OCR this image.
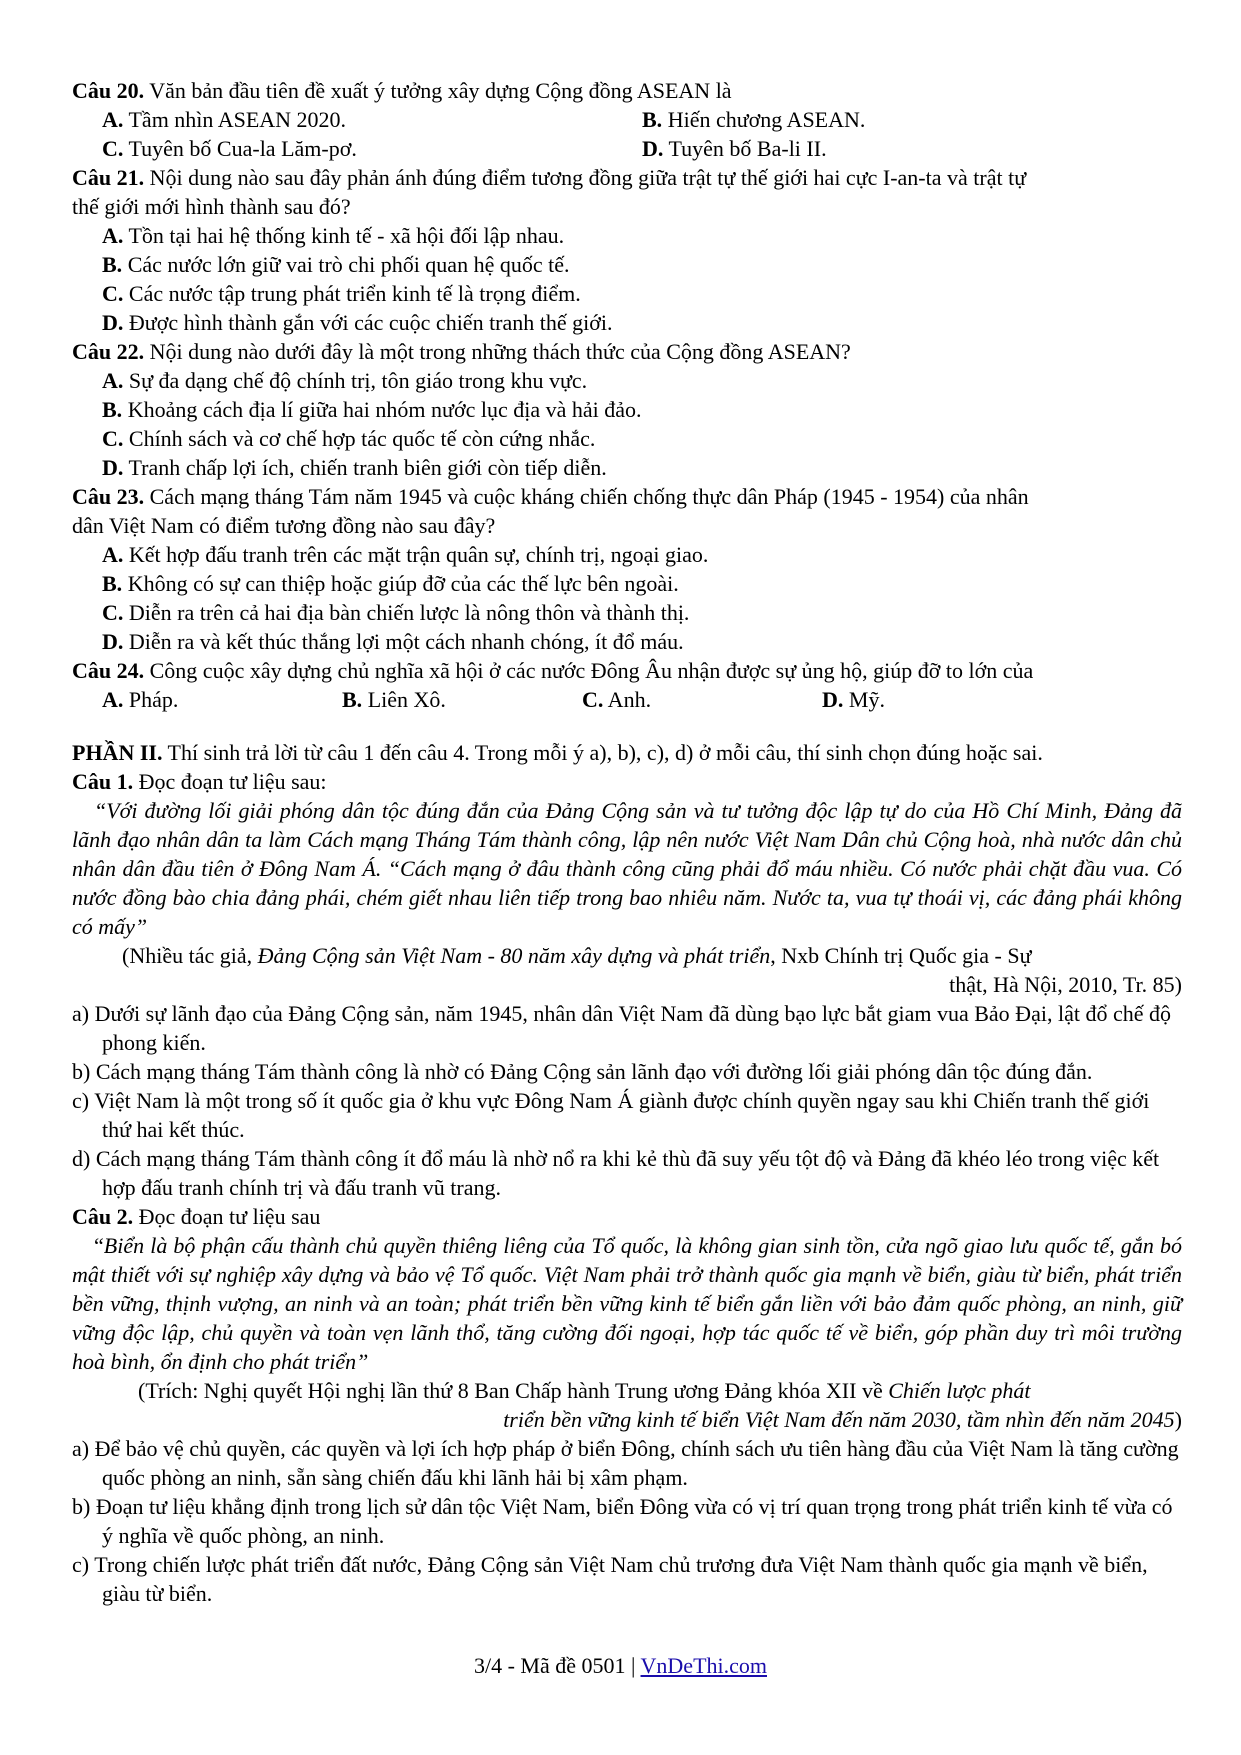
Câu 20. Văn bản đầu tiên đề xuất ý tưởng xây dựng Cộng đồng ASEAN là
A. Tầm nhìn ASEAN 2020.	B. Hiến chương ASEAN.
C. Tuyên bố Cua-la Lăm-pơ.	D. Tuyên bố Ba-li II.
Câu 21. Nội dung nào sau đây phản ánh đúng điểm tương đồng giữa trật tự thế giới hai cực I-an-ta và trật tự
thế giới mới hình thành sau đó?
A. Tồn tại hai hệ thống kinh tế - xã hội đối lập nhau.
B. Các nước lớn giữ vai trò chi phối quan hệ quốc tế.
C. Các nước tập trung phát triển kinh tế là trọng điểm.
D. Được hình thành gắn với các cuộc chiến tranh thế giới.
Câu 22. Nội dung nào dưới đây là một trong những thách thức của Cộng đồng ASEAN?
A. Sự đa dạng chế độ chính trị, tôn giáo trong khu vực.
B. Khoảng cách địa lí giữa hai nhóm nước lục địa và hải đảo.
C. Chính sách và cơ chế hợp tác quốc tế còn cứng nhắc.
D. Tranh chấp lợi ích, chiến tranh biên giới còn tiếp diễn.
Câu 23. Cách mạng tháng Tám năm 1945 và cuộc kháng chiến chống thực dân Pháp (1945 - 1954) của nhân
dân Việt Nam có điểm tương đồng nào sau đây?
A. Kết hợp đấu tranh trên các mặt trận quân sự, chính trị, ngoại giao.
B. Không có sự can thiệp hoặc giúp đỡ của các thế lực bên ngoài.
C. Diễn ra trên cả hai địa bàn chiến lược là nông thôn và thành thị.
D. Diễn ra và kết thúc thắng lợi một cách nhanh chóng, ít đổ máu.
Câu 24. Công cuộc xây dựng chủ nghĩa xã hội ở các nước Đông Âu nhận được sự ủng hộ, giúp đỡ to lớn của
A. Pháp.	B. Liên Xô.	C. Anh.	D. Mỹ.
PHẦN II. Thí sinh trả lời từ câu 1 đến câu 4. Trong mỗi ý a), b), c), d) ở mỗi câu, thí sinh chọn đúng hoặc sai.
Câu 1. Đọc đoạn tư liệu sau:
“Với đường lối giải phóng dân tộc đúng đắn của Đảng Cộng sản và tư tưởng độc lập tự do của Hồ Chí Minh, Đảng đã lãnh đạo nhân dân ta làm Cách mạng Tháng Tám thành công, lập nên nước Việt Nam Dân chủ Cộng hoà, nhà nước dân chủ nhân dân đầu tiên ở Đông Nam Á. “Cách mạng ở đâu thành công cũng phải đổ máu nhiều. Có nước phải chặt đầu vua. Có nước đồng bào chia đảng phái, chém giết nhau liên tiếp trong bao nhiêu năm. Nước ta, vua tự thoái vị, các đảng phái không có mấy”
(Nhiều tác giả, Đảng Cộng sản Việt Nam - 80 năm xây dựng và phát triển, Nxb Chính trị Quốc gia - Sự
thật, Hà Nội, 2010, Tr. 85)
a) Dưới sự lãnh đạo của Đảng Cộng sản, năm 1945, nhân dân Việt Nam đã dùng bạo lực bắt giam vua Bảo Đại, lật đổ chế độ phong kiến.
b) Cách mạng tháng Tám thành công là nhờ có Đảng Cộng sản lãnh đạo với đường lối giải phóng dân tộc đúng đắn.
c) Việt Nam là một trong số ít quốc gia ở khu vực Đông Nam Á giành được chính quyền ngay sau khi Chiến tranh thế giới thứ hai kết thúc.
d) Cách mạng tháng Tám thành công ít đổ máu là nhờ nổ ra khi kẻ thù đã suy yếu tột độ và Đảng đã khéo léo trong việc kết hợp đấu tranh chính trị và đấu tranh vũ trang.
Câu 2. Đọc đoạn tư liệu sau
“Biển là bộ phận cấu thành chủ quyền thiêng liêng của Tổ quốc, là không gian sinh tồn, cửa ngõ giao lưu quốc tế, gắn bó mật thiết với sự nghiệp xây dựng và bảo vệ Tổ quốc. Việt Nam phải trở thành quốc gia mạnh về biển, giàu từ biển, phát triển bền vững, thịnh vượng, an ninh và an toàn; phát triển bền vững kinh tế biển gắn liền với bảo đảm quốc phòng, an ninh, giữ vững độc lập, chủ quyền và toàn vẹn lãnh thổ, tăng cường đối ngoại, hợp tác quốc tế về biển, góp phần duy trì môi trường hoà bình, ổn định cho phát triển”
(Trích: Nghị quyết Hội nghị lần thứ 8 Ban Chấp hành Trung ương Đảng khóa XII về Chiến lược phát
triển bền vững kinh tế biển Việt Nam đến năm 2030, tầm nhìn đến năm 2045)
a) Để bảo vệ chủ quyền, các quyền và lợi ích hợp pháp ở biển Đông, chính sách ưu tiên hàng đầu của Việt Nam là tăng cường quốc phòng an ninh, sẵn sàng chiến đấu khi lãnh hải bị xâm phạm.
b) Đoạn tư liệu khẳng định trong lịch sử dân tộc Việt Nam, biển Đông vừa có vị trí quan trọng trong phát triển kinh tế vừa có ý nghĩa về quốc phòng, an ninh.
c) Trong chiến lược phát triển đất nước, Đảng Cộng sản Việt Nam chủ trương đưa Việt Nam thành quốc gia mạnh về biển, giàu từ biển.
3/4 - Mã đề 0501 | VnDeThi.com
